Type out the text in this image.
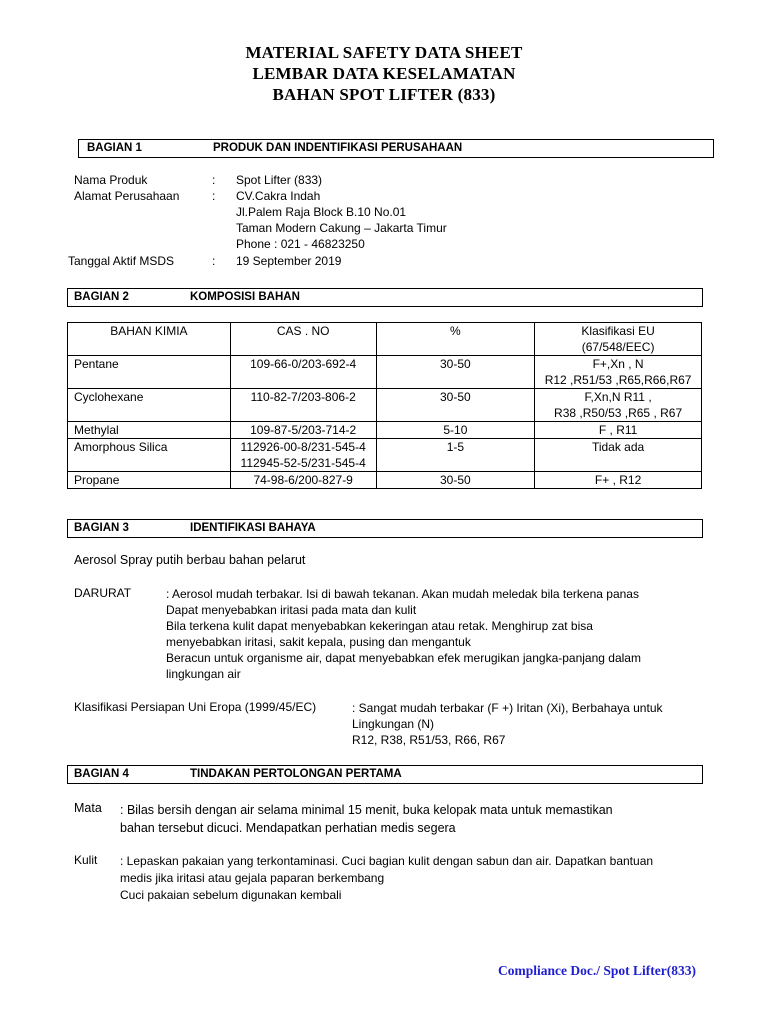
MATERIAL SAFETY DATA SHEET
LEMBAR DATA KESELAMATAN
BAHAN SPOT LIFTER (833)
BAGIAN 1	PRODUK DAN INDENTIFIKASI PERUSAHAAN
Nama Produk	: Spot Lifter (833)
Alamat Perusahaan	: CV.Cakra Indah
Jl.Palem Raja Block B.10 No.01
Taman Modern Cakung – Jakarta Timur
Phone : 021 - 46823250
Tanggal Aktif MSDS	: 19 September 2019
BAGIAN 2	KOMPOSISI BAHAN
BAHAN KIMIA	CAS . NO	%	Klasifikasi EU
(67/548/EEC)
Pentane	109-66-0/203-692-4	30-50	F+,Xn , N
R12 ,R51/53 ,R65,R66,R67
Cyclohexane	110-82-7/203-806-2	30-50	F,Xn,N R11 ,
R38 ,R50/53 ,R65 , R67
Methylal	109-87-5/203-714-2	5-10	F , R11
Amorphous Silica	112926-00-8/231-545-4
112945-52-5/231-545-4	1-5	Tidak ada
Propane	74-98-6/200-827-9	30-50	F+ , R12
BAGIAN 3	IDENTIFIKASI BAHAYA
Aerosol Spray putih berbau bahan pelarut
DARURAT	: Aerosol mudah terbakar. Isi di bawah tekanan. Akan mudah meledak bila terkena panas
Dapat menyebabkan iritasi pada mata dan kulit
Bila terkena kulit dapat menyebabkan kekeringan atau retak. Menghirup zat bisa
menyebabkan iritasi, sakit kepala, pusing dan mengantuk
Beracun untuk organisme air, dapat menyebabkan efek merugikan jangka-panjang dalam
lingkungan air
Klasifikasi Persiapan Uni Eropa (1999/45/EC)	: Sangat mudah terbakar (F +) Iritan (Xi), Berbahaya untuk
Lingkungan (N)
R12, R38, R51/53, R66, R67
BAGIAN 4	TINDAKAN PERTOLONGAN PERTAMA
Mata : Bilas bersih dengan air selama minimal 15 menit, buka kelopak mata untuk memastikan
bahan tersebut dicuci. Mendapatkan perhatian medis segera
Kulit : Lepaskan pakaian yang terkontaminasi. Cuci bagian kulit dengan sabun dan air. Dapatkan bantuan
medis jika iritasi atau gejala paparan berkembang
Cuci pakaian sebelum digunakan kembali
Compliance Doc./ Spot Lifter(833)
